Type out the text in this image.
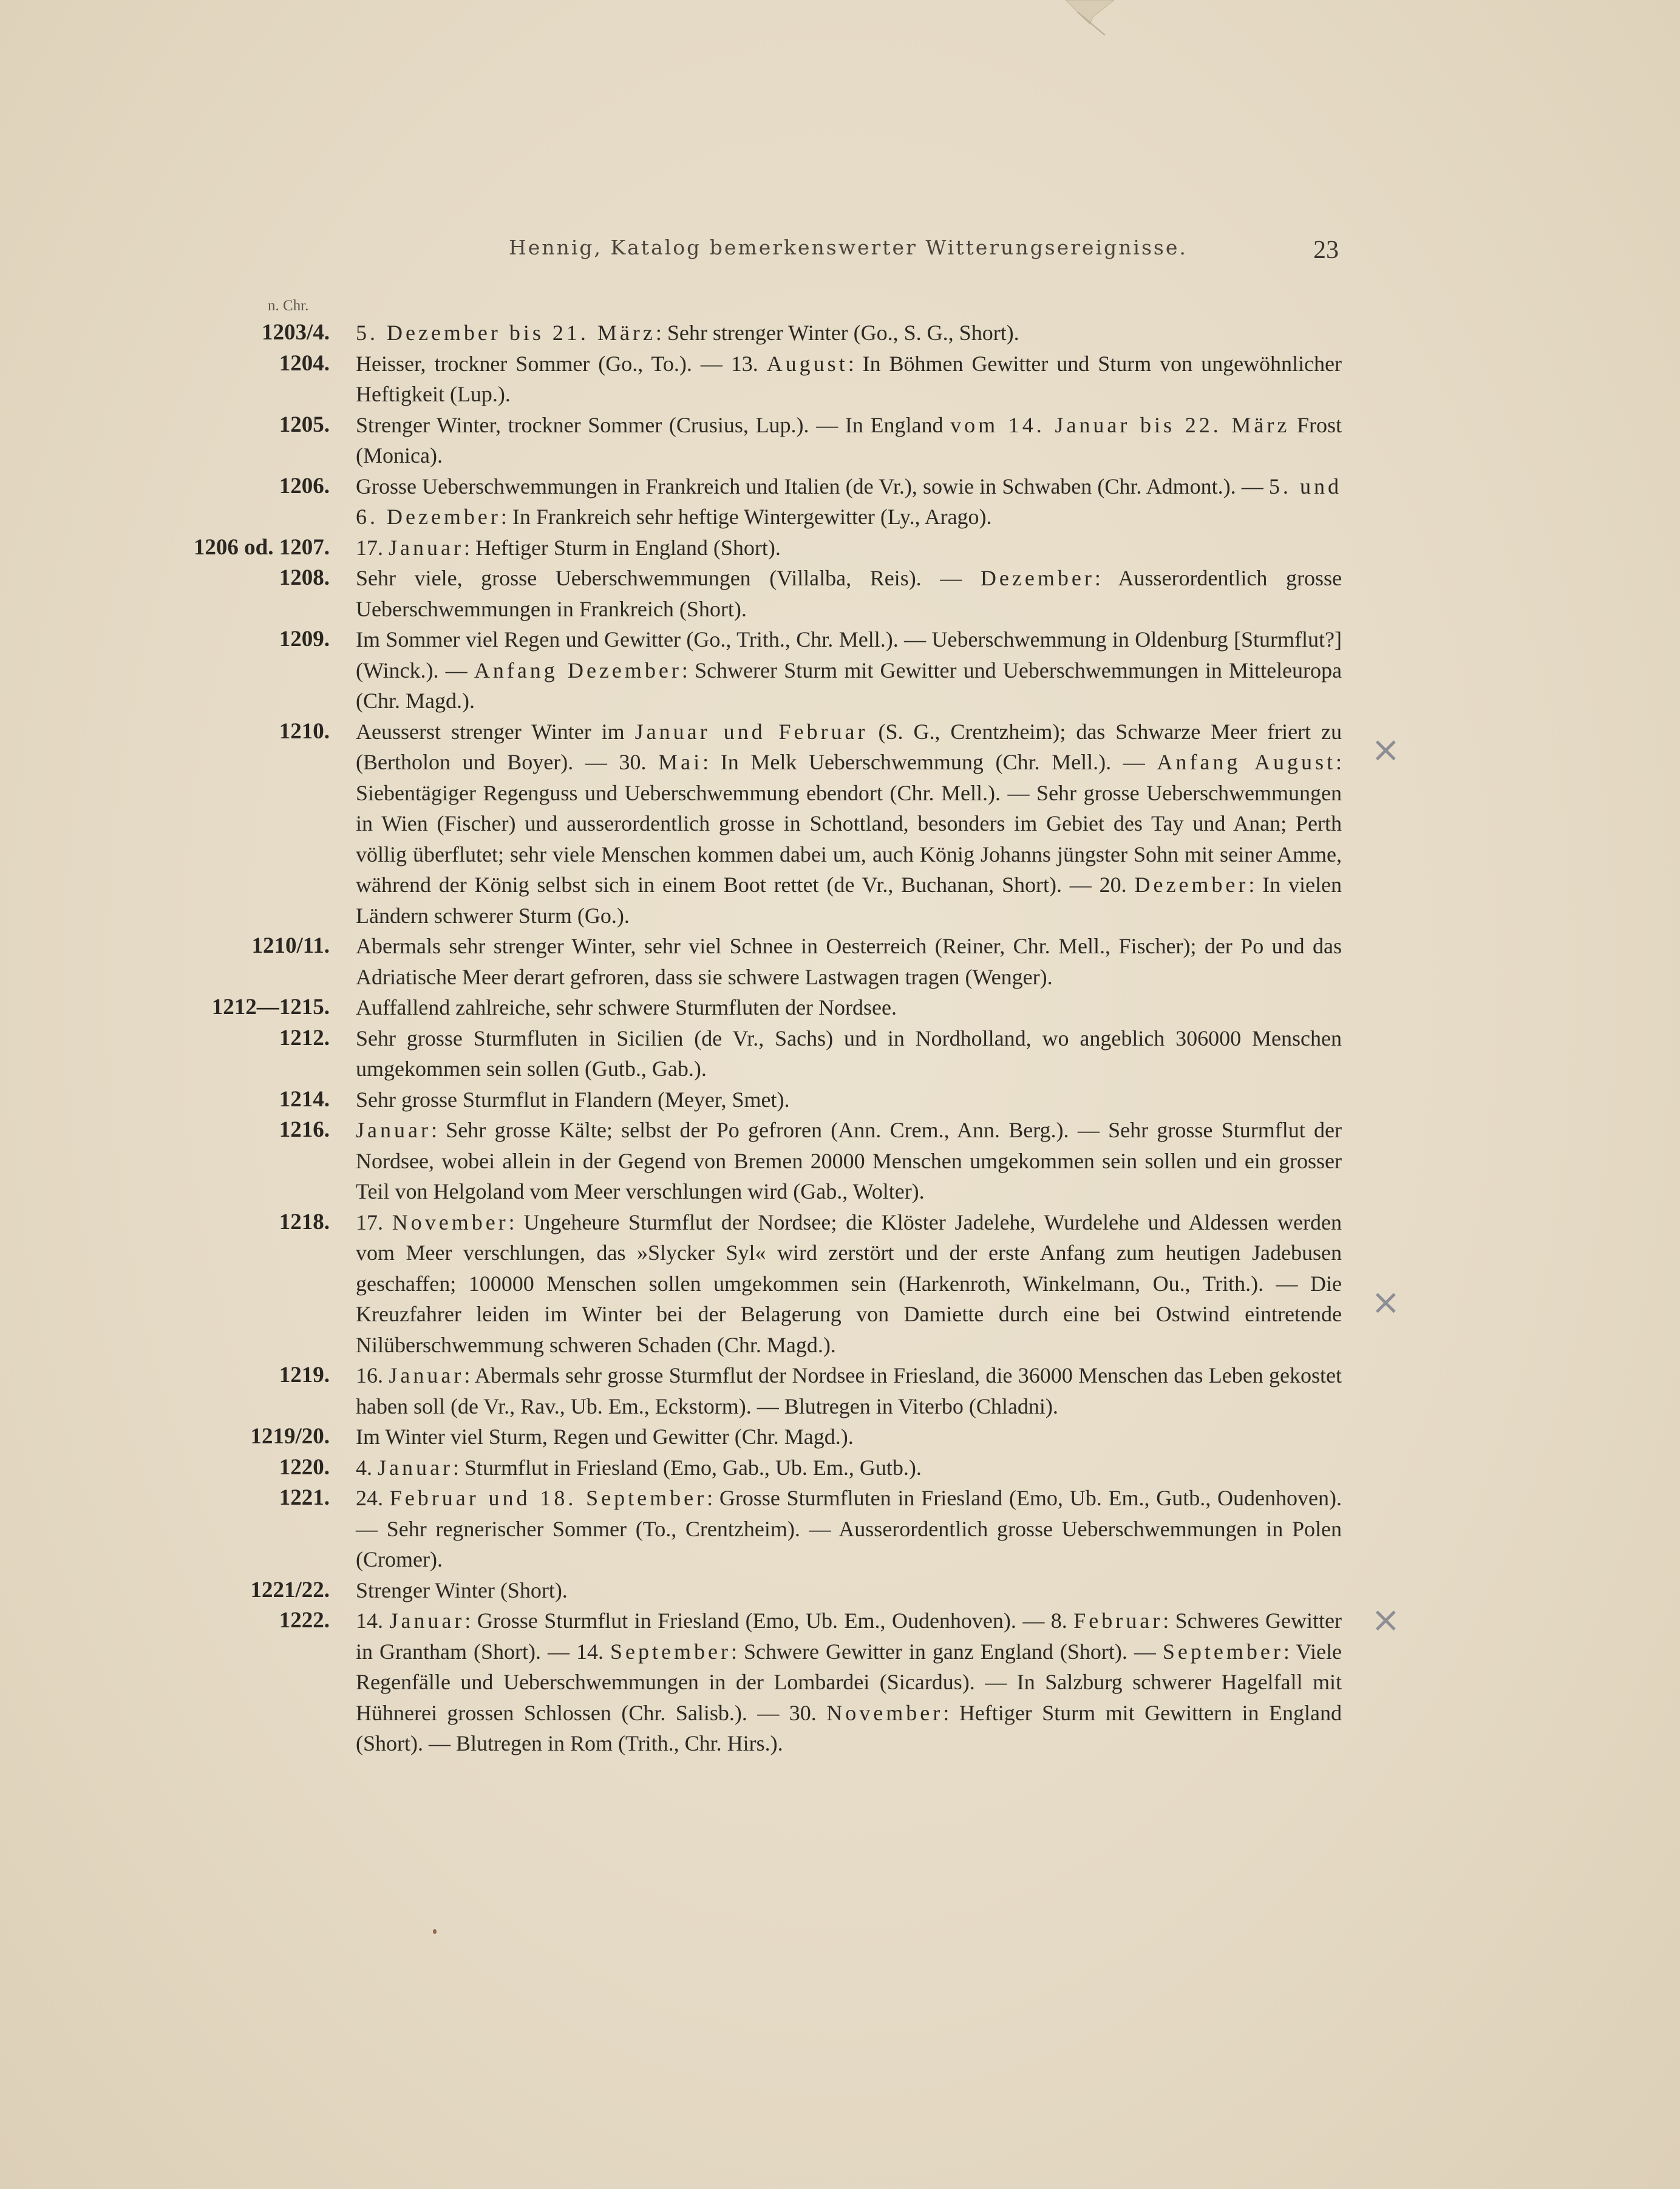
Hennig, Katalog bemerkenswerter Witterungsereignisse.	23
n. Chr.
1203/4. 5. Dezember bis 21. März: Sehr strenger Winter (Go., S. G., Short).
1204. Heisser, trockner Sommer (Go., To.). — 13. August: In Böhmen Gewitter und Sturm von ungewöhnlicher Heftigkeit (Lup.).
1205. Strenger Winter, trockner Sommer (Crusius, Lup.). — In England vom 14. Januar bis 22. März Frost (Monica).
1206. Grosse Ueberschwemmungen in Frankreich und Italien (de Vr.), sowie in Schwaben (Chr. Admont.). — 5. und 6. Dezember: In Frankreich sehr heftige Wintergewitter (Ly., Arago).
1206 od. 1207. 17. Januar: Heftiger Sturm in England (Short).
1208. Sehr viele, grosse Ueberschwemmungen (Villalba, Reis). — Dezember: Ausserordentlich grosse Ueberschwemmungen in Frankreich (Short).
1209. Im Sommer viel Regen und Gewitter (Go., Trith., Chr. Mell.). — Ueberschwemmung in Oldenburg [Sturmflut?] (Winck.). — Anfang Dezember: Schwerer Sturm mit Gewitter und Ueberschwemmungen in Mitteleuropa (Chr. Magd.).
1210. Aeusserst strenger Winter im Januar und Februar (S. G., Crentzheim); das Schwarze Meer friert zu (Bertholon und Boyer). — 30. Mai: In Melk Ueberschwemmung (Chr. Mell.). — Anfang August: Siebentägiger Regenguss und Ueberschwemmung ebendort (Chr. Mell.). — Sehr grosse Ueberschwemmungen in Wien (Fischer) und ausserordentlich grosse in Schottland, besonders im Gebiet des Tay und Anan; Perth völlig überflutet; sehr viele Menschen kommen dabei um, auch König Johanns jüngster Sohn mit seiner Amme, während der König selbst sich in einem Boot rettet (de Vr., Buchanan, Short). — 20. Dezember: In vielen Ländern schwerer Sturm (Go.).
1210/11. Abermals sehr strenger Winter, sehr viel Schnee in Oesterreich (Reiner, Chr. Mell., Fischer); der Po und das Adriatische Meer derart gefroren, dass sie schwere Lastwagen tragen (Wenger).
1212—1215. Auffallend zahlreiche, sehr schwere Sturmfluten der Nordsee.
1212. Sehr grosse Sturmfluten in Sicilien (de Vr., Sachs) und in Nordholland, wo angeblich 306000 Menschen umgekommen sein sollen (Gutb., Gab.).
1214. Sehr grosse Sturmflut in Flandern (Meyer, Smet).
1216. Januar: Sehr grosse Kälte; selbst der Po gefroren (Ann. Crem., Ann. Berg.). — Sehr grosse Sturmflut der Nordsee, wobei allein in der Gegend von Bremen 20000 Menschen umgekommen sein sollen und ein grosser Teil von Helgoland vom Meer verschlungen wird (Gab., Wolter).
1218. 17. November: Ungeheure Sturmflut der Nordsee; die Klöster Jadelehe, Wurdelehe und Aldessen werden vom Meer verschlungen, das »Slycker Syl« wird zerstört und der erste Anfang zum heutigen Jadebusen geschaffen; 100000 Menschen sollen umgekommen sein (Harkenroth, Winkelmann, Ou., Trith.). — Die Kreuzfahrer leiden im Winter bei der Belagerung von Damiette durch eine bei Ostwind eintretende Nilüberschwemmung schweren Schaden (Chr. Magd.).
1219. 16. Januar: Abermals sehr grosse Sturmflut der Nordsee in Friesland, die 36000 Menschen das Leben gekostet haben soll (de Vr., Rav., Ub. Em., Eckstorm). — Blutregen in Viterbo (Chladni).
1219/20. Im Winter viel Sturm, Regen und Gewitter (Chr. Magd.).
1220. 4. Januar: Sturmflut in Friesland (Emo, Gab., Ub. Em., Gutb.).
1221. 24. Februar und 18. September: Grosse Sturmfluten in Friesland (Emo, Ub. Em., Gutb., Oudenhoven). — Sehr regnerischer Sommer (To., Crentzheim). — Ausserordentlich grosse Ueberschwemmungen in Polen (Cromer).
1221/22. Strenger Winter (Short).
1222. 14. Januar: Grosse Sturmflut in Friesland (Emo, Ub. Em., Oudenhoven). — 8. Februar: Schweres Gewitter in Grantham (Short). — 14. September: Schwere Gewitter in ganz England (Short). — September: Viele Regenfälle und Ueberschwemmungen in der Lombardei (Sicardus). — In Salzburg schwerer Hagelfall mit Hühnerei grossen Schlossen (Chr. Salisb.). — 30. November: Heftiger Sturm mit Gewittern in England (Short). — Blutregen in Rom (Trith., Chr. Hirs.).
×
×
×
